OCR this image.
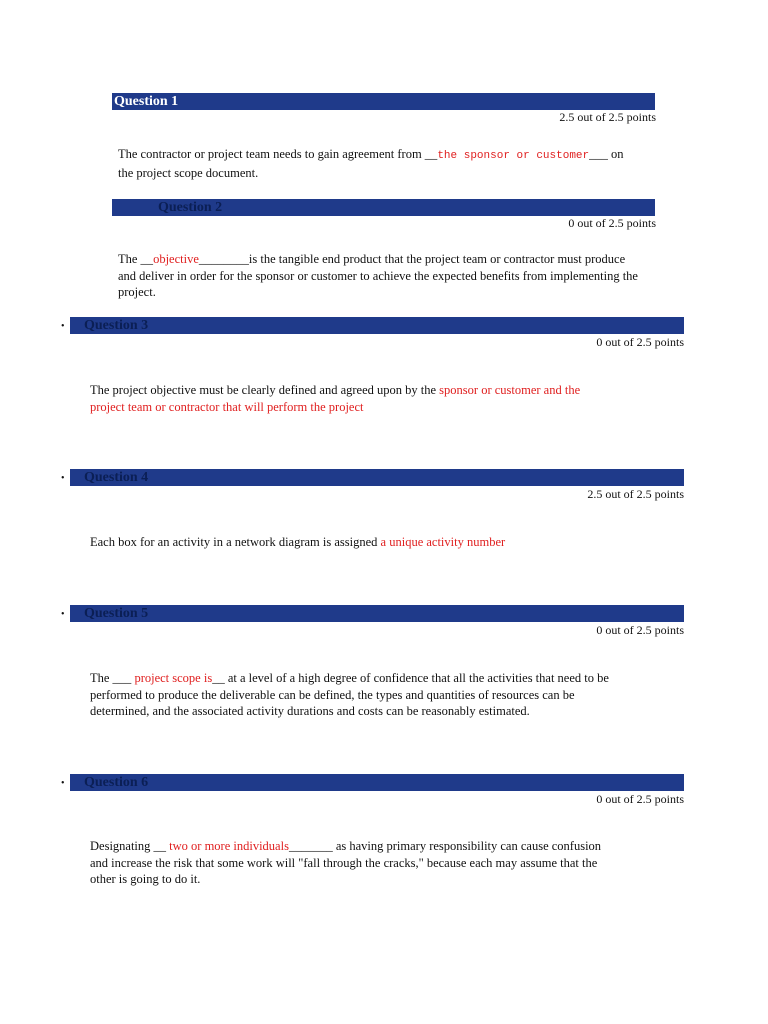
Question 1
2.5 out of 2.5 points
The contractor or project team needs to gain agreement from __the sponsor or customer___ on the project scope document.
Question 2
0 out of 2.5 points
The __objective________is the tangible end product that the project team or contractor must produce and deliver in order for the sponsor or customer to achieve the expected benefits from implementing the project.
• Question 3
0 out of 2.5 points
The project objective must be clearly defined and agreed upon by the sponsor or customer and the project team or contractor that will perform the project
• Question 4
2.5 out of 2.5 points
Each box for an activity in a network diagram is assigned a unique activity number
• Question 5
0 out of 2.5 points
The ___ project scope is__ at a level of a high degree of confidence that all the activities that need to be performed to produce the deliverable can be defined, the types and quantities of resources can be determined, and the associated activity durations and costs can be reasonably estimated.
• Question 6
0 out of 2.5 points
Designating __ two or more individuals_______ as having primary responsibility can cause confusion and increase the risk that some work will "fall through the cracks," because each may assume that the other is going to do it.
